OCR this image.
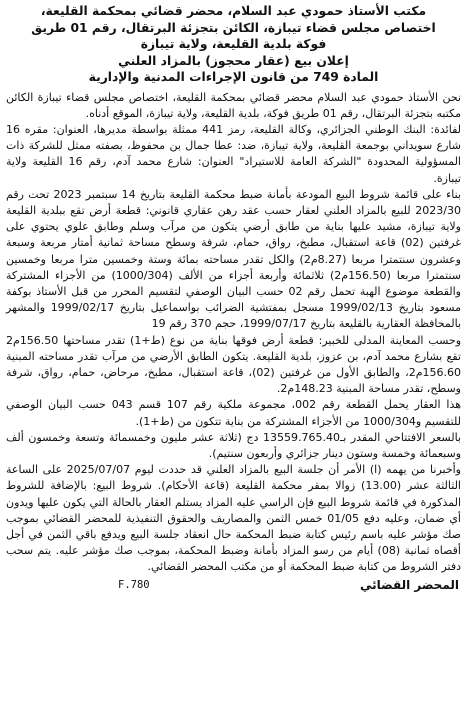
مكتب الأستاذ حمودي عبد السلام، محضر قضائي بمحكمة القليعة،

اختصاص مجلس قضاء تيبازة، الكائن بتجزئة البرتقال، رقم 01 طريق

فوكة بلدية القليعة، ولاية تيبازة

إعلان بيع (عقار محجوز) بالمزاد العلني

المادة 749 من قانون الإجراءات المدنية والإدارية

نحن الأستاذ حمودي عبد السلام محضر قضائي بمحكمة القليعة، اختصاص مجلس قضاء تيبازة الكائن مكتبه بتجزئة البرتقال، رقم 01 طريق فوكة، بلدية القليعة، ولاية تيبازة، الموقع أدناه.

لفائدة: البنك الوطني الجزائري، وكالة القليعة، رمز 441 ممثلة بواسطة مديرها، العنوان: مقره 16 شارع سويداني بوجمعة القليعة، ولاية تيبازة، ضد: عطا جمال بن محفوظ، بصفته ممثل للشركة ذات المسؤولية المحدودة "الشركة العامة للاستيراد" العنوان: شارع محمد آدم، رقم 16 القليعة ولاية تيبازة.

بناء على قائمة شروط البيع المودعة بأمانة ضبط محكمة القليعة بتاريخ 14 سبتمبر 2023 تحت رقم 2023/30 للبيع بالمزاد العلني لعقار حسب عقد رهن عقاري قانوني: قطعة أرض تقع ببلدية القليعة ولاية تيبازة، مشيد عليها بناية من طابق أرضي يتكون من مرآب وسلم وطابق علوي يحتوي على غرفتين (02) قاعة استقبال، مطبخ، رواق، حمام، شرفة وسطح مساحة ثمانية أمتار مربعة وسبعة وعشرون سنتمترا مربعا (8.27م2) والكل تقدر مساحته بمائة وستة وخمسين مترا مربعا وخمسين سنتمترا مربعا (156.50م2) ثلاثمائة وأربعة أجزاء من الألف (1000/304) من الأجزاء المشتركة والقطعة موضوع الهبة تحمل رقم 02 حسب البيان الوصفي لتقسيم المحرر من قبل الأستاذ بوكفة مسعود بتاريخ 1999/02/13 مسجل بمفتشية الضرائب بواسماعيل بتاريخ 1999/02/17 والمشهر بالمحافظة العقارية بالقليعة بتاريخ 1999/07/17، حجم 370 رقم 19

وحسب المعاينة المدلى للخبير: قطعة أرض فوقها بناية من نوع (ط+1) تقدر مساحتها 156.50م2 تقع بشارع محمد آدم، بن عزوز، بلدية القليعة. يتكون الطابق الأرضي من مرآب تقدر مساحته المبنية 156.60م2، والطابق الأول من غرفتين (02)، قاعة استقبال، مطبخ، مرحاض، حمام، رواق، شرفة وسطح، تقدر مساحة المبنية 148.23م2.

هذا العقار يحمل القطعة رقم 002، مجموعة ملكية رقم 107 قسم 043 حسب البيان الوصفي للتقسيم و1000/304 من الأجزاء المشتركة من بناية تتكون من (ط+1).

بالسعر الافتتاحي المقدر بـ13559.765.40 دج (ثلاثة عشر مليون وخمسمائة وتسعة وخمسون ألف وسبعمائة وخمسة وستون دينار جزائري وأربعون سنتيم).

وأخبرنا من يهمه (ا) الأمر أن جلسة البيع بالمزاد العلني قد حددت ليوم 2025/07/07 على الساعة الثالثة عشر (13.00) زوالا بمقر محكمة القليعة (قاعة الأحكام). شروط البيع: بالإضافة للشروط المذكورة في قائمة شروط البيع فإن الراسي عليه المزاد يستلم العقار بالحالة التي يكون عليها ويدون أي ضمان، وعليه دفع 01/05 خمس الثمن والمصاريف والحقوق التنفيذية للمحضر القضائي بموجب صك مؤشر عليه باسم رئيس كتابة ضبط المحكمة حال انعقاد جلسة البيع ويدفع باقي الثمن في أجل أقصاه ثمانية (08) أيام من رسو المزاد بأمانة وضبط المحكمة، بموجب صك مؤشر عليه. يتم سحب دفتر الشروط من كتابة ضبط المحكمة أو من مكتب المحضر القضائي.

المحضر القضائي
F.780
